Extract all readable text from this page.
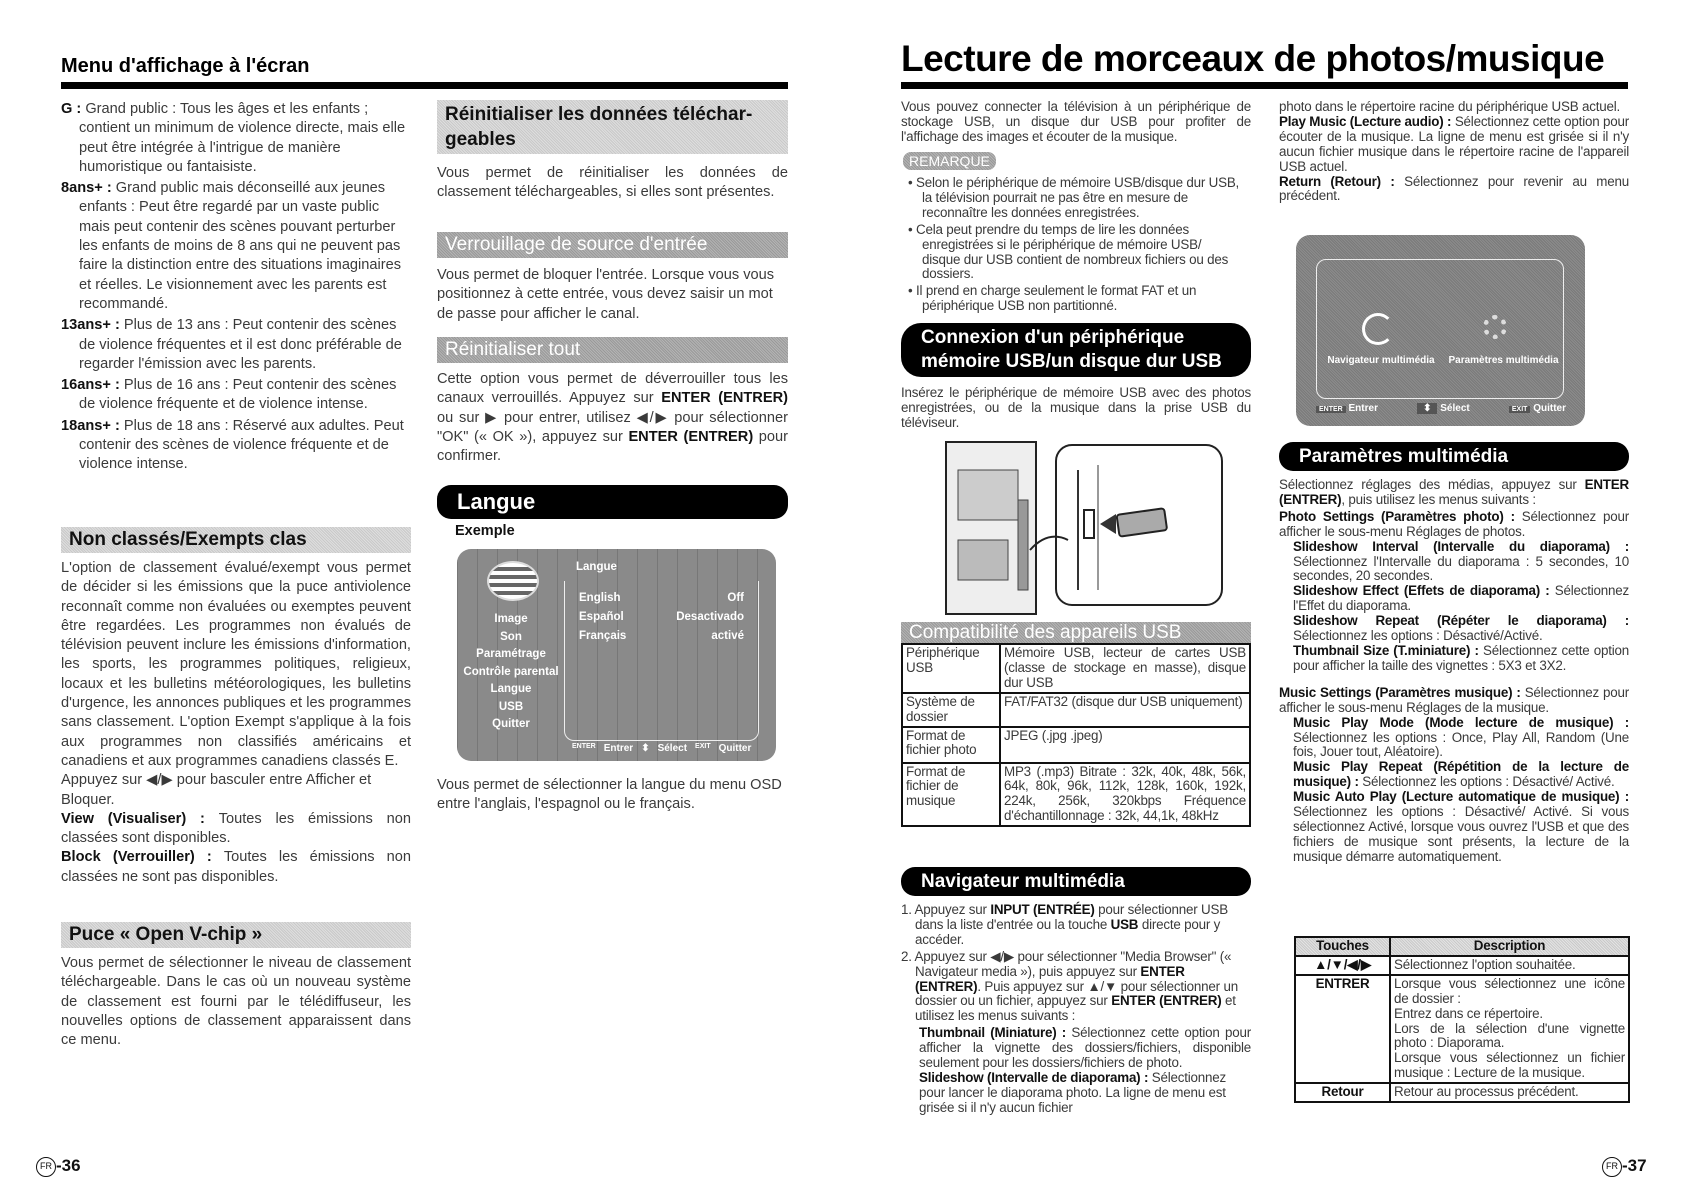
Menu d'affichage à l'écran

G : Grand public : Tous les âges et les enfants ; contient un minimum de violence directe, mais elle peut être intégrée à l'intrigue de manière humoristique ou fantaisiste.

8ans+ : Grand public mais déconseillé aux jeunes enfants : Peut être regardé par un vaste public mais peut contenir des scènes pouvant perturber les enfants de moins de 8 ans qui ne peuvent pas faire la distinction entre des situations imaginaires et réelles. Le visionnement avec les parents est recommandé.

13ans+ : Plus de 13 ans : Peut contenir des scènes de violence fréquentes et il est donc préférable de regarder l'émission avec les parents.

16ans+ : Plus de 16 ans : Peut contenir des scènes de violence fréquente et de violence intense.

18ans+ : Plus de 18 ans : Réservé aux adultes. Peut contenir des scènes de violence fréquente et de violence intense.

Non classés/Exempts clas

L'option de classement évalué/exempt vous permet de décider si les émissions que la puce antiviolence reconnaît comme non évaluées ou exemptes peuvent être regardées. Les programmes non évalués de télévision peuvent inclure les émissions d'information, les sports, les programmes politiques, religieux, locaux et les bulletins météorologiques, les bulletins d'urgence, les annonces publiques et les programmes sans classement. L'option Exempt s'applique à la fois aux programmes non classifiés américains et canadiens et aux programmes canadiens classés E.

Appuyez sur ◀/▶ pour basculer entre Afficher et Bloquer.

View (Visualiser) : Toutes les émissions non classées sont disponibles.

Block (Verrouiller) : Toutes les émissions non classées ne sont pas disponibles.

Puce « Open V-chip »

Vous permet de sélectionner le niveau de classement téléchargeable. Dans le cas où un nouveau système de classement est fourni par le télédiffuseur, les nouvelles options de classement apparaissent dans ce menu.

Réinitialiser les données téléchar-geables

Vous permet de réinitialiser les données de classement téléchargeables, si elles sont présentes.

Verrouillage de source d'entrée

Vous permet de bloquer l'entrée. Lorsque vous vous positionnez à cette entrée, vous devez saisir un mot de passe pour afficher le canal.

Réinitialiser tout

Cette option vous permet de déverrouiller tous les canaux verrouillés. Appuyez sur ENTER (ENTRER) ou sur ▶ pour entrer, utilisez ◀/▶ pour sélectionner "OK" (« OK »), appuyez sur ENTER (ENTRER) pour confirmer.

Langue
Exemple
Langue
Image
Son
Paramétrage
Contrôle parental
Langue
USB
Quitter
English	Off
Español	Desactivado
Français	activé
ENTER Entrer ⬍ Sélect EXIT Quitter

Vous permet de sélectionner la langue du menu OSD entre l'anglais, l'espagnol ou le français.

FR -36
Lecture de morceaux de photos/musique

Vous pouvez connecter la télévision à un périphérique de stockage USB, un disque dur USB pour profiter de l'affichage des images et écouter de la musique.

REMARQUE
• Selon le périphérique de mémoire USB/disque dur USB, la télévision pourrait ne pas être en mesure de reconnaître les données enregistrées.
• Cela peut prendre du temps de lire les données enregistrées si le périphérique de mémoire USB/ disque dur USB contient de nombreux fichiers ou des dossiers.
• Il prend en charge seulement le format FAT et un périphérique USB non partitionné.
Connexion d'un périphérique
mémoire USB/un disque dur USB

Insérez le périphérique de mémoire USB avec des photos enregistrées, ou de la musique dans la prise USB du téléviseur.

Compatibilité des appareils USB
Périphérique USB	Mémoire USB, lecteur de cartes USB (classe de stockage en masse), disque dur USB
Système de dossier	FAT/FAT32 (disque dur USB uniquement)
Format de fichier photo	JPEG (.jpg .jpeg)
Format de fichier de musique	MP3 (.mp3) Bitrate : 32k, 40k, 48k, 56k, 64k, 80k, 96k, 112k, 128k, 160k, 192k, 224k, 256k, 320kbps Fréquence d'échantillonnage : 32k, 44,1k, 48kHz
Navigateur multimédia

1. Appuyez sur INPUT (ENTRÉE) pour sélectionner USB dans la liste d'entrée ou la touche USB directe pour y accéder.

2. Appuyez sur ◀/▶ pour sélectionner "Media Browser" (« Navigateur media »), puis appuyez sur ENTER (ENTRER). Puis appuyez sur ▲/▼ pour sélectionner un dossier ou un fichier, appuyez sur ENTER (ENTRER) et utilisez les menus suivants :

Thumbnail (Miniature) : Sélectionnez cette option pour afficher la vignette des dossiers/fichiers, disponible seulement pour les dossiers/fichiers de photo.

Slideshow (Intervalle de diaporama) : Sélectionnez pour lancer le diaporama photo. La ligne de menu est grisée si il n'y aucun fichier

photo dans le répertoire racine du périphérique USB actuel.

Play Music (Lecture audio) : Sélectionnez cette option pour écouter de la musique. La ligne de menu est grisée si il n'y aucun fichier musique dans le répertoire racine de l'appareil USB actuel.

Return (Retour) : Sélectionnez pour revenir au menu précédent.

Navigateur multimédia Paramètres multimédia
ENTER Entrer	⬍ Sélect	EXIT Quitter
Paramètres multimédia

Sélectionnez réglages des médias, appuyez sur ENTER (ENTRER), puis utilisez les menus suivants :

Photo Settings (Paramètres photo) : Sélectionnez pour afficher le sous-menu Réglages de photos.

Slideshow Interval (Intervalle du diaporama) : Sélectionnez l'Intervalle du diaporama : 5 secondes, 10 secondes, 20 secondes.

Slideshow Effect (Effets de diaporama) : Sélectionnez l'Effet du diaporama.

Slideshow Repeat (Répéter le diaporama) : Sélectionnez les options : Désactivé/Activé.

Thumbnail Size (T.miniature) : Sélectionnez cette option pour afficher la taille des vignettes : 5X3 et 3X2.

Music Settings (Paramètres musique) : Sélectionnez pour afficher le sous-menu Réglages de la musique.

Music Play Mode (Mode lecture de musique) : Sélectionnez les options : Once, Play All, Random (Une fois, Jouer tout, Aléatoire).

Music Play Repeat (Répétition de la lecture de musique) : Sélectionnez les options : Désactivé/ Activé.

Music Auto Play (Lecture automatique de musique) : Sélectionnez les options : Désactivé/ Activé. Si vous sélectionnez Activé, lorsque vous ouvrez l'USB et que des fichiers de musique sont présents, la lecture de la musique démarre automatiquement.

Touches	Description
▲/▼/◀/▶	Sélectionnez l'option souhaitée.

ENTRER	Lorsque vous sélectionnez une icône de dossier :
Entrez dans ce répertoire.
Lors de la sélection d'une vignette photo : Diaporama.
Lorsque vous sélectionnez un fichier musique : Lecture de la musique.

Retour	Retour au processus précédent.
FR -37
